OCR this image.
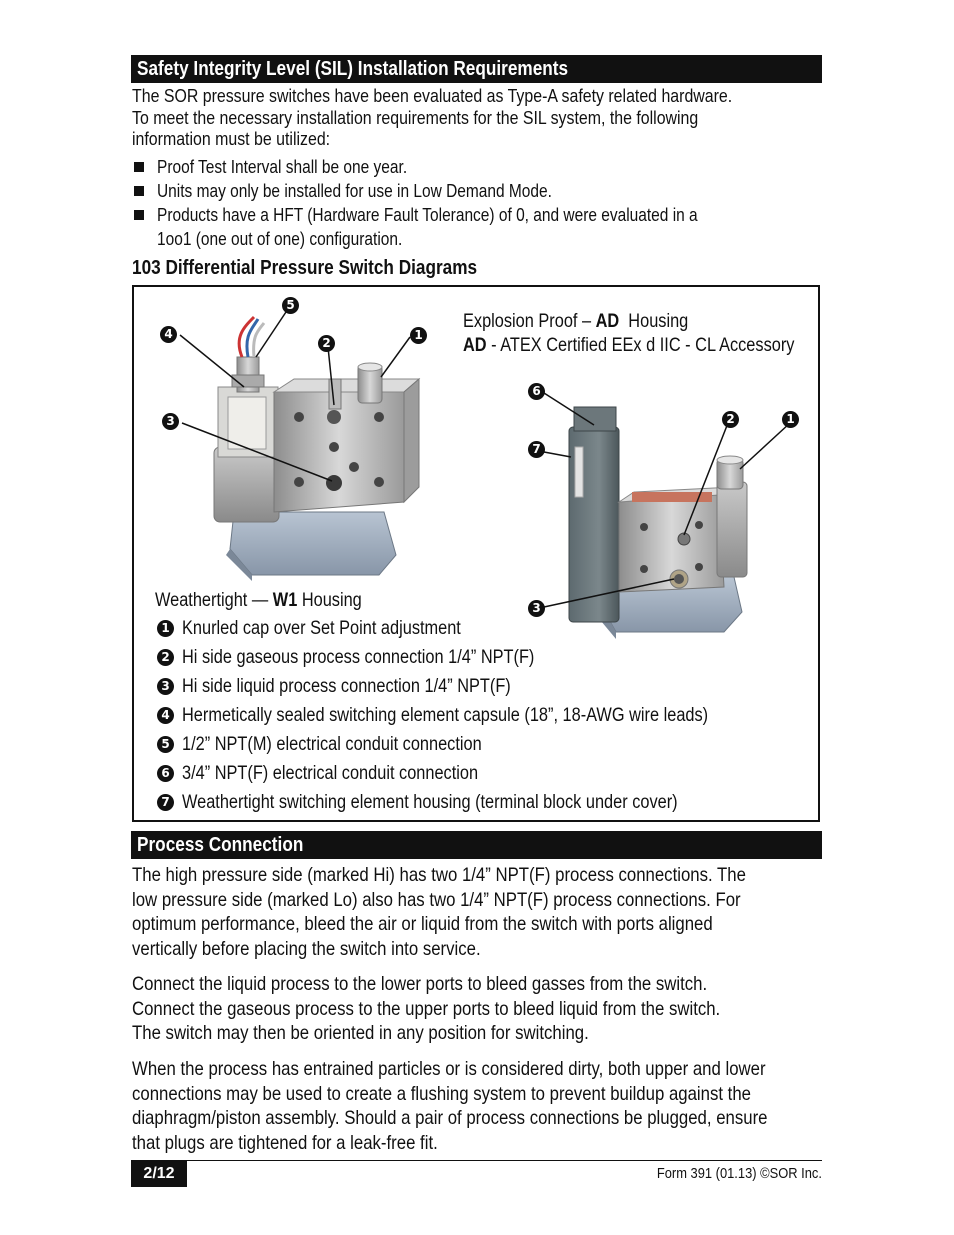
Safety Integrity Level (SIL) Installation Requirements
The SOR pressure switches have been evaluated as Type-A safety related hardware.
To meet the necessary installation requirements for the SIL system, the following
information must be utilized:
Proof Test Interval shall be one year.
Units may only be installed for use in Low Demand Mode.
Products have a HFT (Hardware Fault Tolerance) of 0, and were evaluated in a
1oo1 (one out of one) configuration.
103 Differential Pressure Switch Diagrams
5
4
2
1
3
6
7
2	1
3
Explosion Proof – AD Housing
AD - ATEX Certified EEx d IIC - CL Accessory
Weathertight — W1 Housing
1 Knurled cap over Set Point adjustment
2 Hi side gaseous process connection 1/4” NPT(F)
3 Hi side liquid process connection 1/4” NPT(F)
4 Hermetically sealed switching element capsule (18”, 18-AWG wire leads)
5 1/2” NPT(M) electrical conduit connection
6 3/4” NPT(F) electrical conduit connection
7 Weathertight switching element housing (terminal block under cover)
Process Connection
The high pressure side (marked Hi) has two 1/4” NPT(F) process connections. The
low pressure side (marked Lo) also has two 1/4” NPT(F) process connections. For
optimum performance, bleed the air or liquid from the switch with ports aligned
vertically before placing the switch into service.
Connect the liquid process to the lower ports to bleed gasses from the switch.
Connect the gaseous process to the upper ports to bleed liquid from the switch.
The switch may then be oriented in any position for switching.
When the process has entrained particles or is considered dirty, both upper and lower
connections may be used to create a flushing system to prevent buildup against the
diaphragm/piston assembly. Should a pair of process connections be plugged, ensure
that plugs are tightened for a leak-free fit.
2/12	Form 391 (01.13) ©SOR Inc.
